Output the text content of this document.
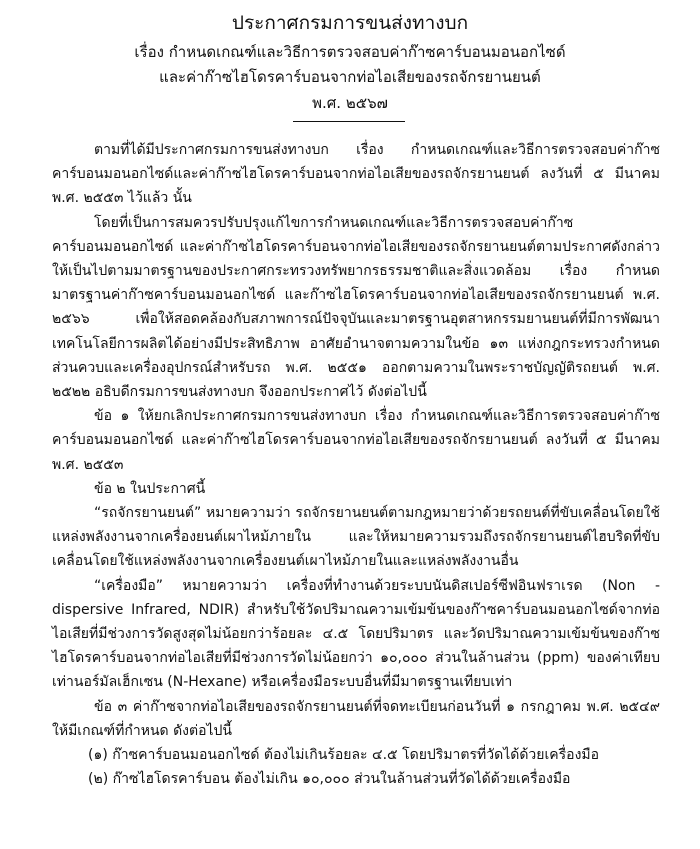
ประกาศกรมการขนส่งทางบก

เรื่อง กำหนดเกณฑ์และวิธีการตรวจสอบค่าก๊าซคาร์บอนมอนอกไซด์

และค่าก๊าซไฮโดรคาร์บอนจากท่อไอเสียของรถจักรยานยนต์

พ.ศ. ๒๕๖๗

ตามที่ได้มีประกาศกรมการขนส่งทางบก เรื่อง กำหนดเกณฑ์และวิธีการตรวจสอบค่าก๊าซคาร์บอนมอนอกไซด์และค่าก๊าซไฮโดรคาร์บอนจากท่อไอเสียของรถจักรยานยนต์ ลงวันที่ ๕ มีนาคม พ.ศ. ๒๕๕๓ ไว้แล้ว นั้น

โดยที่เป็นการสมควรปรับปรุงแก้ไขการกำหนดเกณฑ์และวิธีการตรวจสอบค่าก๊าซคาร์บอนมอนอกไซด์ และค่าก๊าซไฮโดรคาร์บอนจากท่อไอเสียของรถจักรยานยนต์ตามประกาศดังกล่าวให้เป็นไปตามมาตรฐานของประกาศกระทรวงทรัพยากรธรรมชาติและสิ่งแวดล้อม เรื่อง กำหนดมาตรฐานค่าก๊าซคาร์บอนมอนอกไซด์ และก๊าซไฮโดรคาร์บอนจากท่อไอเสียของรถจักรยานยนต์ พ.ศ. ๒๕๖๖ เพื่อให้สอดคล้องกับสภาพการณ์ปัจจุบันและมาตรฐานอุตสาหกรรมยานยนต์ที่มีการพัฒนาเทคโนโลยีการผลิตได้อย่างมีประสิทธิภาพ อาศัยอำนาจตามความในข้อ ๑๓ แห่งกฎกระทรวงกำหนดส่วนควบและเครื่องอุปกรณ์สำหรับรถ พ.ศ. ๒๕๕๑ ออกตามความในพระราชบัญญัติรถยนต์ พ.ศ. ๒๕๒๒ อธิบดีกรมการขนส่งทางบก จึงออกประกาศไว้ ดังต่อไปนี้

ข้อ ๑ ให้ยกเลิกประกาศกรมการขนส่งทางบก เรื่อง กำหนดเกณฑ์และวิธีการตรวจสอบค่าก๊าซคาร์บอนมอนอกไซด์ และค่าก๊าซไฮโดรคาร์บอนจากท่อไอเสียของรถจักรยานยนต์ ลงวันที่ ๕ มีนาคม พ.ศ. ๒๕๕๓

ข้อ ๒ ในประกาศนี้

“รถจักรยานยนต์” หมายความว่า รถจักรยานยนต์ตามกฎหมายว่าด้วยรถยนต์ที่ขับเคลื่อนโดยใช้แหล่งพลังงานจากเครื่องยนต์เผาไหม้ภายใน และให้หมายความรวมถึงรถจักรยานยนต์ไฮบริดที่ขับเคลื่อนโดยใช้แหล่งพลังงานจากเครื่องยนต์เผาไหม้ภายในและแหล่งพลังงานอื่น

“เครื่องมือ” หมายความว่า เครื่องที่ทำงานด้วยระบบนันดิสเปอร์ซีฟอินฟราเรด (Non - dispersive Infrared, NDIR) สำหรับใช้วัดปริมาณความเข้มข้นของก๊าซคาร์บอนมอนอกไซด์จากท่อไอเสียที่มีช่วงการวัดสูงสุดไม่น้อยกว่าร้อยละ ๔.๕ โดยปริมาตร และวัดปริมาณความเข้มข้นของก๊าซไฮโดรคาร์บอนจากท่อไอเสียที่มีช่วงการวัดไม่น้อยกว่า ๑๐,๐๐๐ ส่วนในล้านส่วน (ppm) ของค่าเทียบเท่านอร์มัลเฮ็กเซน (N-Hexane) หรือเครื่องมือระบบอื่นที่มีมาตรฐานเทียบเท่า

ข้อ ๓ ค่าก๊าซจากท่อไอเสียของรถจักรยานยนต์ที่จดทะเบียนก่อนวันที่ ๑ กรกฎาคม พ.ศ. ๒๕๔๙ ให้มีเกณฑ์ที่กำหนด ดังต่อไปนี้

(๑) ก๊าซคาร์บอนมอนอกไซด์ ต้องไม่เกินร้อยละ ๔.๕ โดยปริมาตรที่วัดได้ด้วยเครื่องมือ

(๒) ก๊าซไฮโดรคาร์บอน ต้องไม่เกิน ๑๐,๐๐๐ ส่วนในล้านส่วนที่วัดได้ด้วยเครื่องมือ
